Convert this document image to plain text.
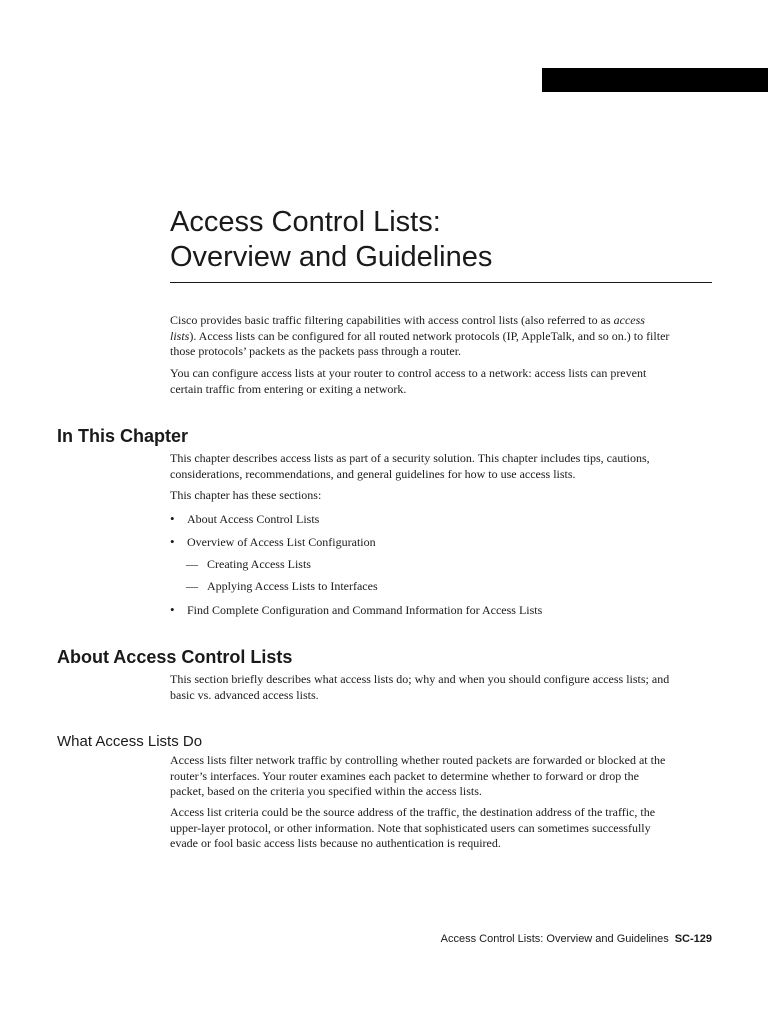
Access Control Lists:
Overview and Guidelines

Cisco provides basic traffic filtering capabilities with access control lists (also referred to as access lists). Access lists can be configured for all routed network protocols (IP, AppleTalk, and so on.) to filter those protocols’ packets as the packets pass through a router.

You can configure access lists at your router to control access to a network: access lists can prevent certain traffic from entering or exiting a network.

In This Chapter

This chapter describes access lists as part of a security solution. This chapter includes tips, cautions, considerations, recommendations, and general guidelines for how to use access lists.

This chapter has these sections:

• About Access Control Lists
• Overview of Access List Configuration
— Creating Access Lists
— Applying Access Lists to Interfaces
• Find Complete Configuration and Command Information for Access Lists
About Access Control Lists

This section briefly describes what access lists do; why and when you should configure access lists; and basic vs. advanced access lists.

What Access Lists Do

Access lists filter network traffic by controlling whether routed packets are forwarded or blocked at the router’s interfaces. Your router examines each packet to determine whether to forward or drop the packet, based on the criteria you specified within the access lists.

Access list criteria could be the source address of the traffic, the destination address of the traffic, the upper-layer protocol, or other information. Note that sophisticated users can sometimes successfully evade or fool basic access lists because no authentication is required.

Access Control Lists: Overview and Guidelines SC-129
